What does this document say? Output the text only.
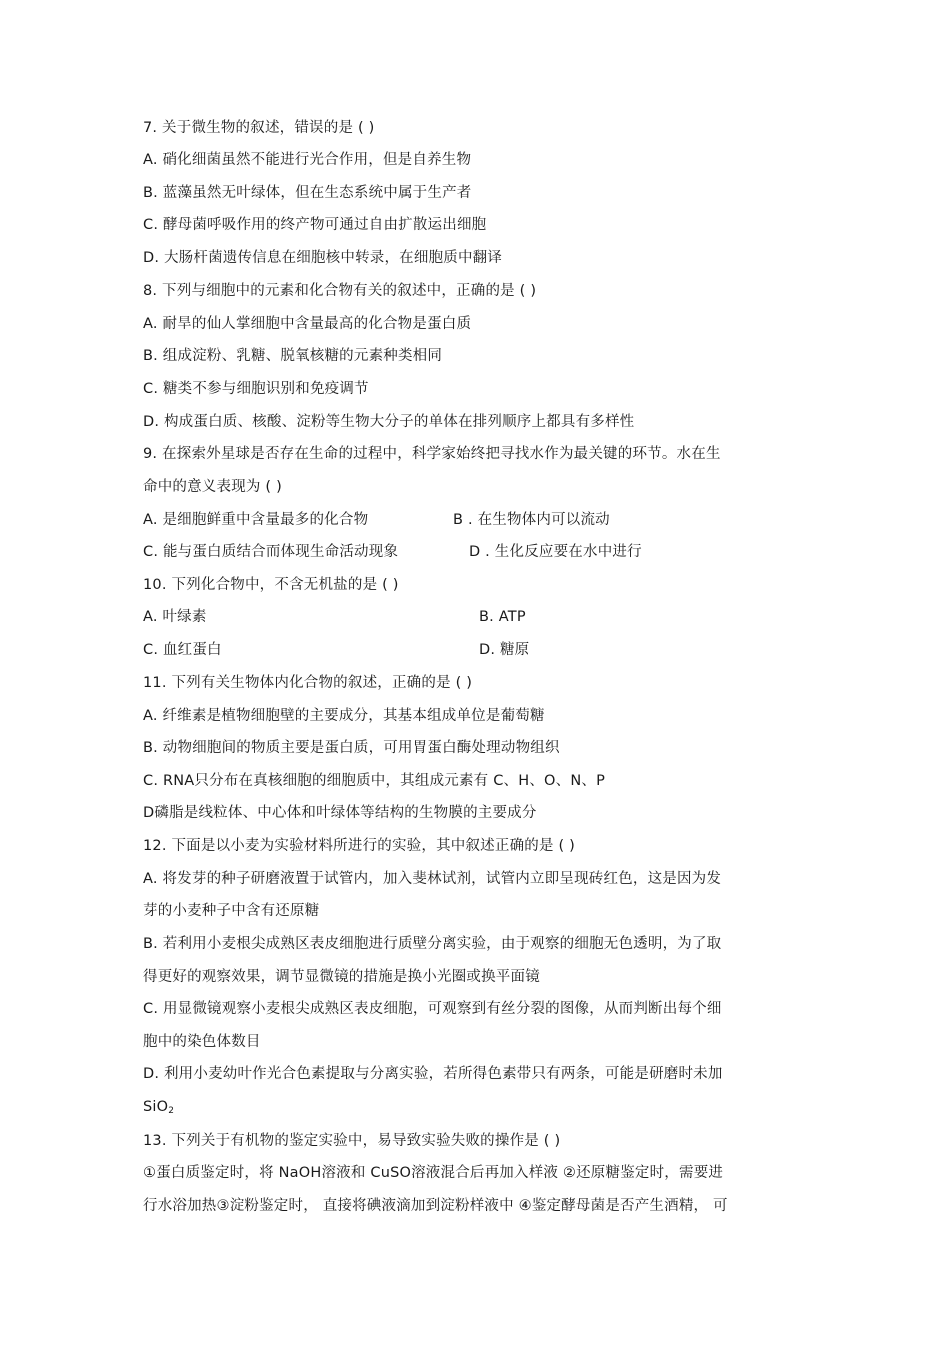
7. 关于微生物的叙述，错误的是 ( )
A. 硝化细菌虽然不能进行光合作用，但是自养生物
B. 蓝藻虽然无叶绿体，但在生态系统中属于生产者
C. 酵母菌呼吸作用的终产物可通过自由扩散运出细胞
D. 大肠杆菌遗传信息在细胞核中转录，在细胞质中翻译
8. 下列与细胞中的元素和化合物有关的叙述中，正确的是 ( )
A. 耐旱的仙人掌细胞中含量最高的化合物是蛋白质
B. 组成淀粉、乳糖、脱氧核糖的元素种类相同
C. 糖类不参与细胞识别和免疫调节
D. 构成蛋白质、核酸、淀粉等生物大分子的单体在排列顺序上都具有多样性
9. 在探索外星球是否存在生命的过程中，科学家始终把寻找水作为最关键的环节。水在生
命中的意义表现为 ( )
A. 是细胞鲜重中含量最多的化合物	B . 在生物体内可以流动
C. 能与蛋白质结合而体现生命活动现象	D . 生化反应要在水中进行
10. 下列化合物中，不含无机盐的是 ( )
A. 叶绿素	B. ATP
C. 血红蛋白	D. 糖原
11. 下列有关生物体内化合物的叙述，正确的是 ( )
A. 纤维素是植物细胞壁的主要成分，其基本组成单位是葡萄糖
B. 动物细胞间的物质主要是蛋白质，可用胃蛋白酶处理动物组织
C. RNA只分布在真核细胞的细胞质中，其组成元素有 C、H、O、N、P
D磷脂是线粒体、中心体和叶绿体等结构的生物膜的主要成分
12. 下面是以小麦为实验材料所进行的实验，其中叙述正确的是 ( )
A. 将发芽的种子研磨液置于试管内，加入斐林试剂，试管内立即呈现砖红色，这是因为发
芽的小麦种子中含有还原糖
B. 若利用小麦根尖成熟区表皮细胞进行质壁分离实验，由于观察的细胞无色透明，为了取
得更好的观察效果，调节显微镜的措施是换小光圈或换平面镜
C. 用显微镜观察小麦根尖成熟区表皮细胞，可观察到有丝分裂的图像，从而判断出每个细
胞中的染色体数目
D. 利用小麦幼叶作光合色素提取与分离实验，若所得色素带只有两条，可能是研磨时未加
SiO$_2$
13. 下列关于有机物的鉴定实验中，易导致实验失败的操作是 ( )
①蛋白质鉴定时，将 NaOH溶液和 CuSO溶液混合后再加入样液 ②还原糖鉴定时，需要进
行水浴加热③淀粉鉴定时， 直接将碘液滴加到淀粉样液中 ④鉴定酵母菌是否产生酒精， 可
